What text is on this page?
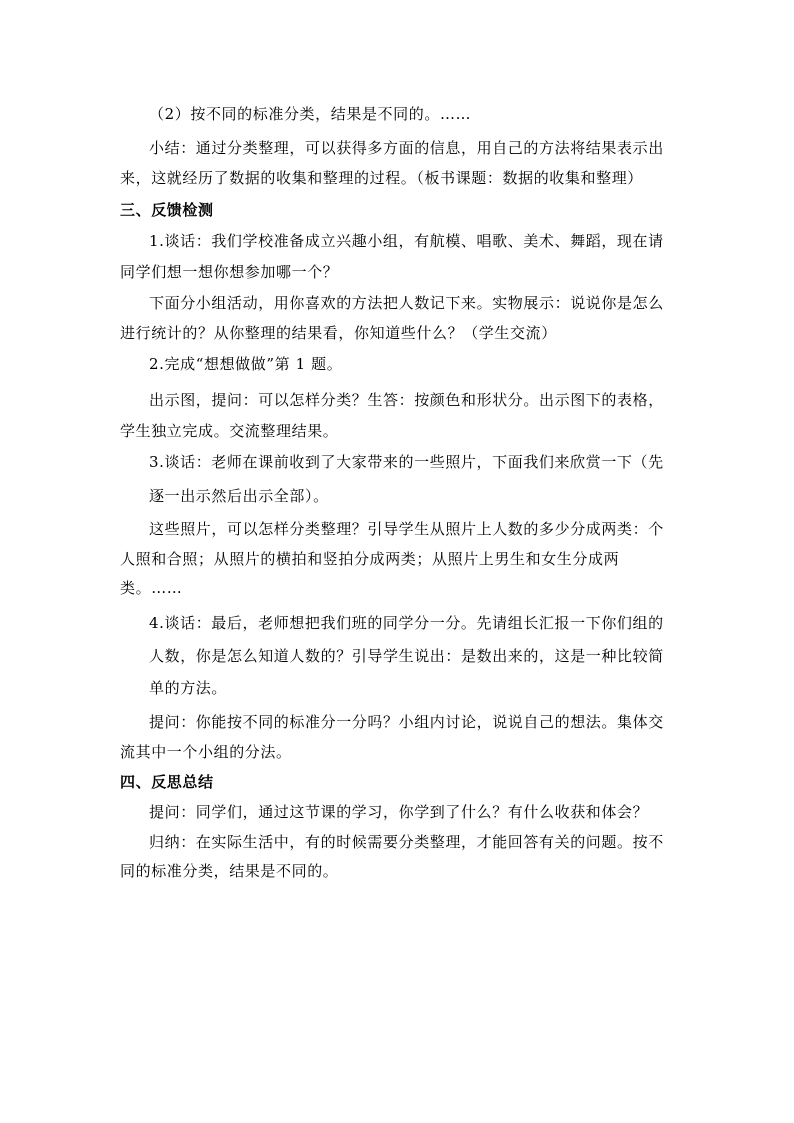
（2）按不同的标准分类，结果是不同的。……
小结：通过分类整理，可以获得多方面的信息，用自己的方法将结果表示出
来，这就经历了数据的收集和整理的过程。（板书课题：数据的收集和整理）
三、反馈检测
1.谈话：我们学校准备成立兴趣小组，有航模、唱歌、美术、舞蹈，现在请
同学们想一想你想参加哪一个？
下面分小组活动，用你喜欢的方法把人数记下来。实物展示：说说你是怎么
进行统计的？从你整理的结果看，你知道些什么？（学生交流）
2.完成“想想做做”第 1 题。
出示图，提问：可以怎样分类？生答：按颜色和形状分。出示图下的表格，
学生独立完成。交流整理结果。
3.谈话：老师在课前收到了大家带来的一些照片，下面我们来欣赏一下（先
逐一出示然后出示全部）。
这些照片，可以怎样分类整理？引导学生从照片上人数的多少分成两类：个
人照和合照；从照片的横拍和竖拍分成两类；从照片上男生和女生分成两
类。……
4.谈话：最后，老师想把我们班的同学分一分。先请组长汇报一下你们组的
人数，你是怎么知道人数的？引导学生说出：是数出来的，这是一种比较简
单的方法。
提问：你能按不同的标准分一分吗？小组内讨论，说说自己的想法。集体交
流其中一个小组的分法。
四、反思总结
提问：同学们，通过这节课的学习，你学到了什么？有什么收获和体会？
归纳：在实际生活中，有的时候需要分类整理，才能回答有关的问题。按不
同的标准分类，结果是不同的。
